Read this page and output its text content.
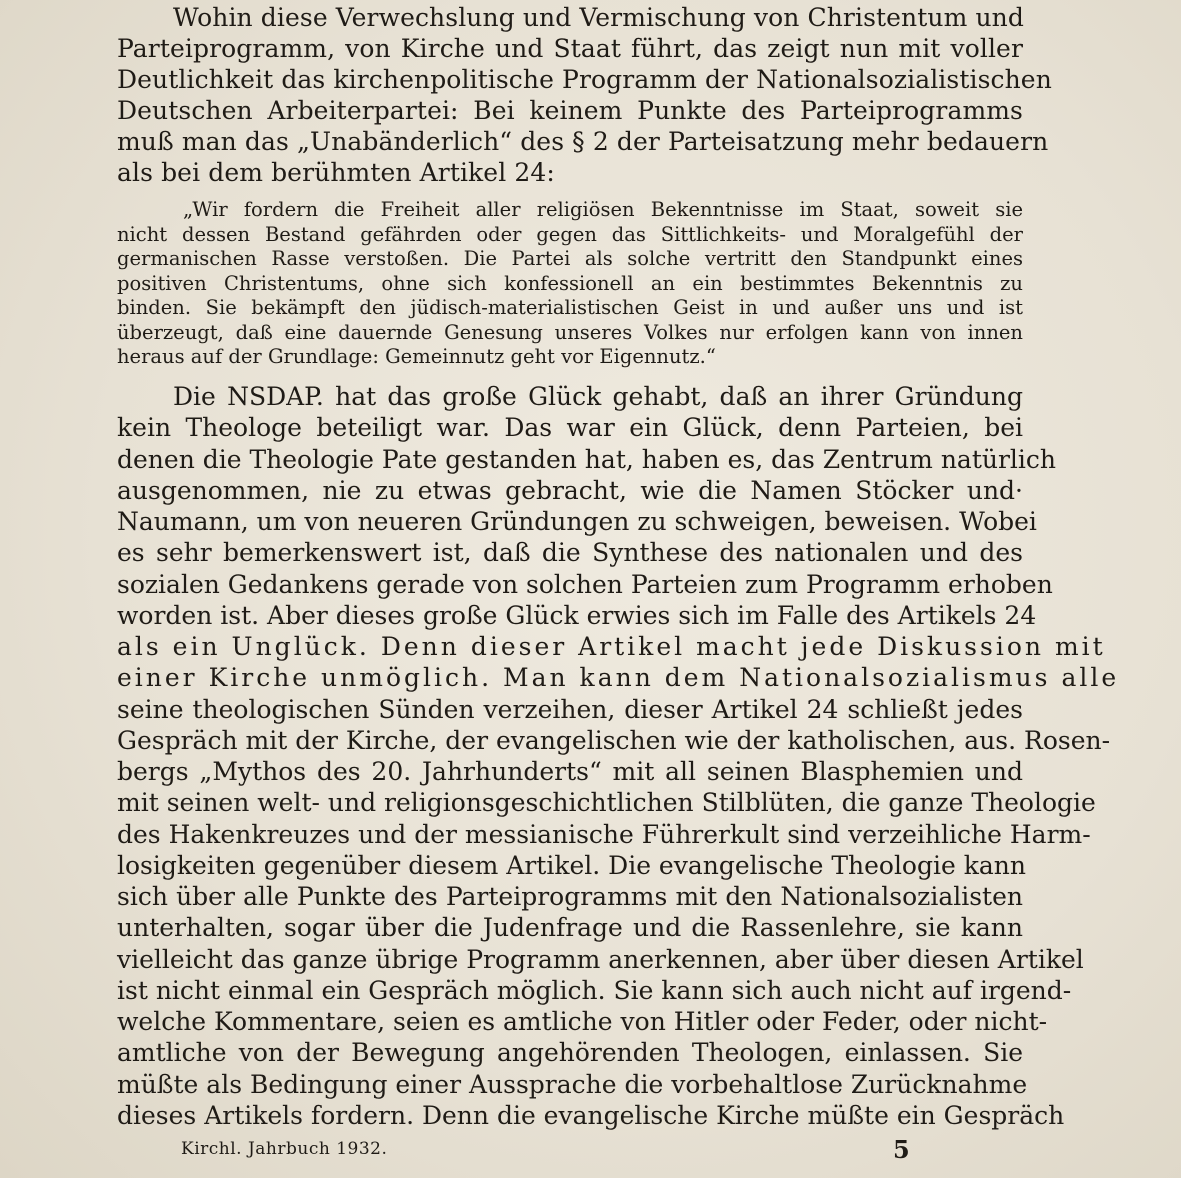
Wohin diese Verwechslung und Vermischung von Christentum und
Parteiprogramm, von Kirche und Staat führt, das zeigt nun mit voller
Deutlichkeit das kirchenpolitische Programm der Nationalsozialistischen
Deutschen Arbeiterpartei: Bei keinem Punkte des Parteiprogramms
muß man das „Unabänderlich“ des § 2 der Parteisatzung mehr bedauern
als bei dem berühmten Artikel 24:
„Wir fordern die Freiheit aller religiösen Bekenntnisse im Staat, soweit sie
nicht dessen Bestand gefährden oder gegen das Sittlichkeits- und Moralgefühl der
germanischen Rasse verstoßen. Die Partei als solche vertritt den Standpunkt eines
positiven Christentums, ohne sich konfessionell an ein bestimmtes Bekenntnis zu
binden. Sie bekämpft den jüdisch-materialistischen Geist in und außer uns und ist
überzeugt, daß eine dauernde Genesung unseres Volkes nur erfolgen kann von innen
heraus auf der Grundlage: Gemeinnutz geht vor Eigennutz.“
Die NSDAP. hat das große Glück gehabt, daß an ihrer Gründung
kein Theologe beteiligt war. Das war ein Glück, denn Parteien, bei
denen die Theologie Pate gestanden hat, haben es, das Zentrum natürlich
ausgenommen, nie zu etwas gebracht, wie die Namen Stöcker und·
Naumann, um von neueren Gründungen zu schweigen, beweisen. Wobei
es sehr bemerkenswert ist, daß die Synthese des nationalen und des
sozialen Gedankens gerade von solchen Parteien zum Programm erhoben
worden ist. Aber dieses große Glück erwies sich im Falle des Artikels 24
als ein Unglück. Denn dieser Artikel macht jede Diskussion mit
einer Kirche unmöglich. Man kann dem Nationalsozialismus alle
seine theologischen Sünden verzeihen, dieser Artikel 24 schließt jedes
Gespräch mit der Kirche, der evangelischen wie der katholischen, aus. Rosen-
bergs „Mythos des 20. Jahrhunderts“ mit all seinen Blasphemien und
mit seinen welt- und religionsgeschichtlichen Stilblüten, die ganze Theologie
des Hakenkreuzes und der messianische Führerkult sind verzeihliche Harm-
losigkeiten gegenüber diesem Artikel. Die evangelische Theologie kann
sich über alle Punkte des Parteiprogramms mit den Nationalsozialisten
unterhalten, sogar über die Judenfrage und die Rassenlehre, sie kann
vielleicht das ganze übrige Programm anerkennen, aber über diesen Artikel
ist nicht einmal ein Gespräch möglich. Sie kann sich auch nicht auf irgend-
welche Kommentare, seien es amtliche von Hitler oder Feder, oder nicht-
amtliche von der Bewegung angehörenden Theologen, einlassen. Sie
müßte als Bedingung einer Aussprache die vorbehaltlose Zurücknahme
dieses Artikels fordern. Denn die evangelische Kirche müßte ein Gespräch
Kirchl. Jahrbuch 1932.	5
